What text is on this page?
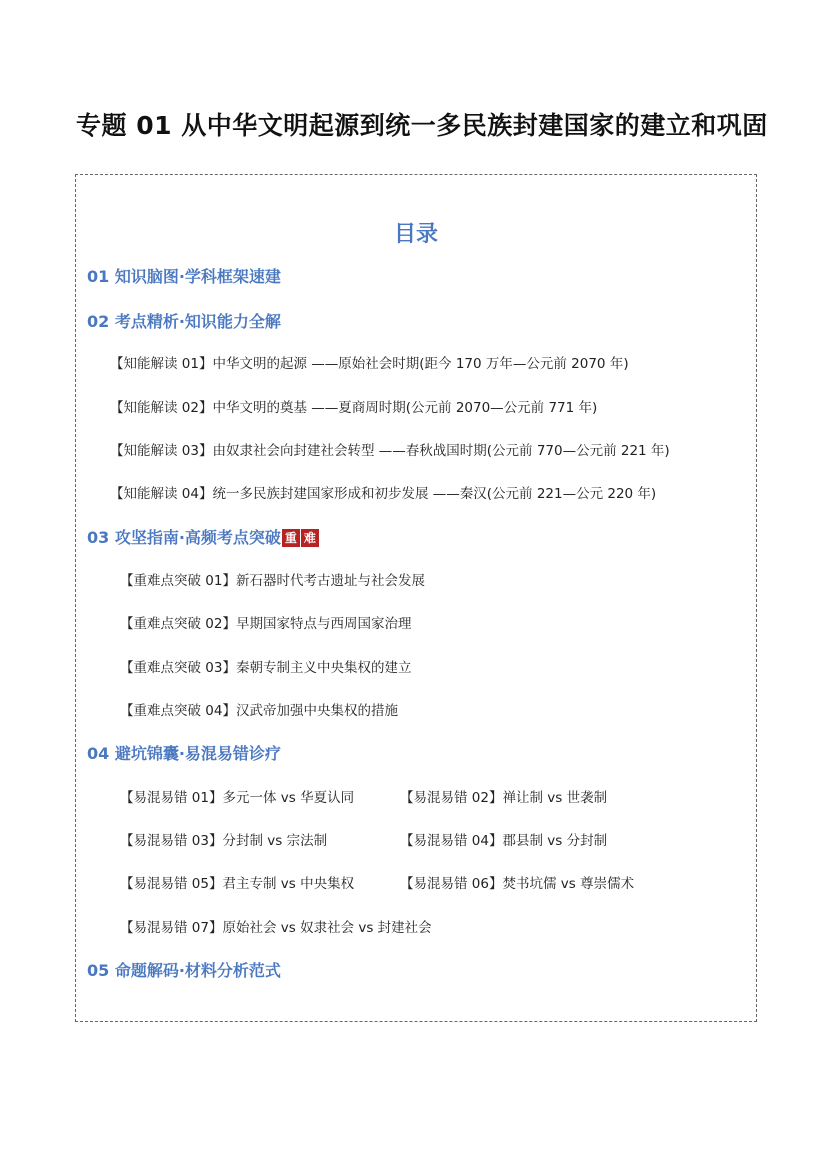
专题 01 从中华文明起源到统一多民族封建国家的建立和巩固
目录
01 知识脑图·学科框架速建
02 考点精析·知识能力全解
【知能解读 01】中华文明的起源 ——原始社会时期(距今 170 万年—公元前 2070 年)
【知能解读 02】中华文明的奠基 ——夏商周时期(公元前 2070—公元前 771 年)
【知能解读 03】由奴隶社会向封建社会转型 ——春秋战国时期(公元前 770—公元前 221 年)
【知能解读 04】统一多民族封建国家形成和初步发展 ——秦汉(公元前 221—公元 220 年)
03 攻坚指南·高频考点突破 重 难
【重难点突破 01】新石器时代考古遗址与社会发展
【重难点突破 02】早期国家特点与西周国家治理
【重难点突破 03】秦朝专制主义中央集权的建立
【重难点突破 04】汉武帝加强中央集权的措施
04 避坑锦囊·易混易错诊疗
【易混易错 01】多元一体 vs 华夏认同	【易混易错 02】禅让制 vs 世袭制
【易混易错 03】分封制 vs 宗法制	【易混易错 04】郡县制 vs 分封制
【易混易错 05】君主专制 vs 中央集权	【易混易错 06】焚书坑儒 vs 尊崇儒术
【易混易错 07】原始社会 vs 奴隶社会 vs 封建社会
05 命题解码·材料分析范式
